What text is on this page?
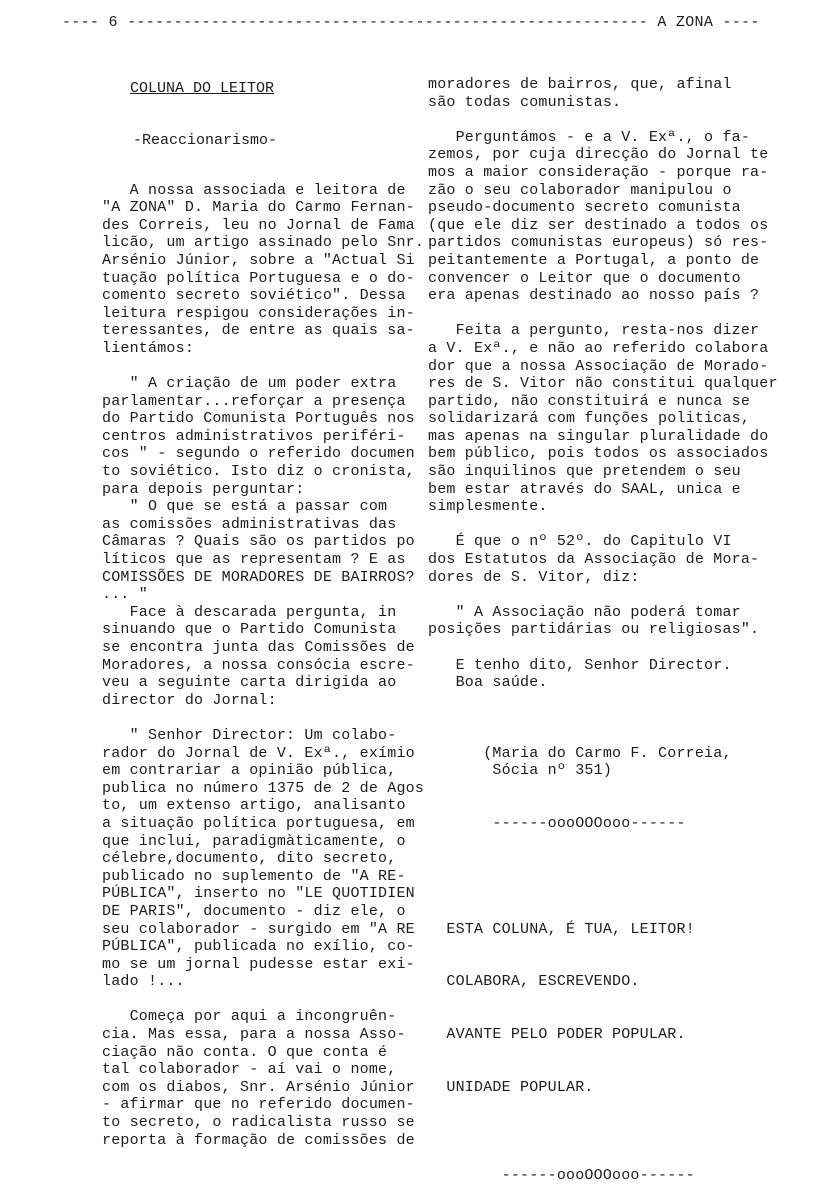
---- 6 -------------------------------------------------------- A ZONA ----
COLUNA DO LEITOR
-Reaccionarismo-
A nossa associada e leitora de
"A ZONA" D. Maria do Carmo Fernan-
des Correis, leu no Jornal de Fama
licão, um artigo assinado pelo Snr.
Arsénio Júnior, sobre a "Actual Si
tuação política Portuguesa e o do-
comento secreto soviético". Dessa
leitura respigou considerações in-
teressantes, de entre as quais sa-
lientámos:

" A criação de um poder extra
parlamentar...reforçar a presença
do Partido Comunista Português nos
centros administrativos periféri-
cos " - segundo o referido documen
to soviético. Isto diz o cronista,
para depois perguntar:
" O que se está a passar com
as comissões administrativas das
Câmaras ? Quais são os partidos po
líticos que as representam ? E as
COMISSÕES DE MORADORES DE BAIRROS?
... "
Face à descarada pergunta, in
sinuando que o Partido Comunista
se encontra junta das Comissões de
Moradores, a nossa consócia escre-
veu a seguinte carta dirigida ao
director do Jornal:

" Senhor Director: Um colabo-
rador do Jornal de V. Exª., exímio
em contrariar a opinião pública,
publica no número 1375 de 2 de Agos
to, um extenso artigo, analisanto
a situação política portuguesa, em
que inclui, paradigmàticamente, o
célebre,documento, dito secreto,
publicado no suplemento de "A RE-
PÚBLICA", inserto no "LE QUOTIDIEN
DE PARIS", documento - diz ele, o
seu colaborador - surgido em "A RE
PÚBLICA", publicada no exílio, co-
mo se um jornal pudesse estar exi-
lado !...

Começa por aqui a incongruên-
cia. Mas essa, para a nossa Asso-
ciação não conta. O que conta é
tal colaborador - aí vai o nome,
com os diabos, Snr. Arsénio Júnior
- afirmar que no referido documen-
to secreto, o radicalista russo se
reporta à formação de comissões de
moradores de bairros, que, afinal
são todas comunistas.

Perguntámos - e a V. Exª., o fa-
zemos, por cuja direcção do Jornal te
mos a maior consideração - porque ra-
zão o seu colaborador manipulou o
pseudo-documento secreto comunista
(que ele diz ser destinado a todos os
partidos comunistas europeus) só res-
peitantemente a Portugal, a ponto de
convencer o Leitor que o documento
era apenas destinado ao nosso país ?

Feita a pergunto, resta-nos dizer
a V. Exª., e não ao referido colabora
dor que a nossa Associação de Morado-
res de S. Vitor não constitui qualquer
partido, não constituirá e nunca se
solidarizará com funções politicas,
mas apenas na singular pluralidade do
bem público, pois todos os associados
são inquilinos que pretendem o seu
bem estar através do SAAL, unica e
simplesmente.

É que o nº 52º. do Capitulo VI
dos Estatutos da Associação de Mora-
dores de S. Vitor, diz:

" A Associação não poderá tomar
posições partidárias ou religiosas".

E tenho dito, Senhor Director.
Boa saúde.

(Maria do Carmo F. Correia,
Sócia nº 351)

------oooOOOooo------

ESTA COLUNA, É TUA, LEITOR!

COLABORA, ESCREVENDO.

AVANTE PELO PODER POPULAR.

UNIDADE POPULAR.

------oooOOOooo------
